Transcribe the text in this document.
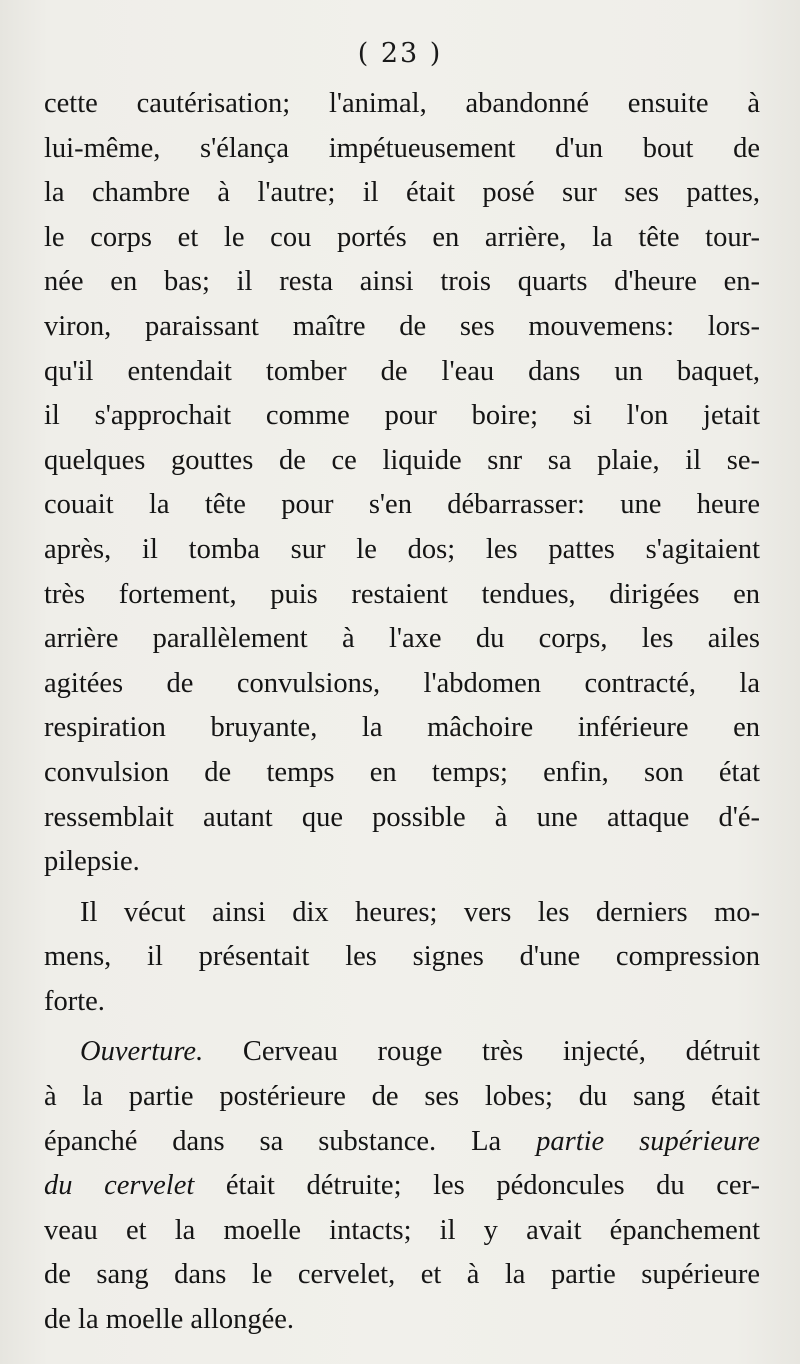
( 23 )
cette cautérisation; l'animal, abandonné ensuite à
lui-même, s'élança impétueusement d'un bout de
la chambre à l'autre; il était posé sur ses pattes,
le corps et le cou portés en arrière, la tête tour-
née en bas; il resta ainsi trois quarts d'heure en-
viron, paraissant maître de ses mouvemens: lors-
qu'il entendait tomber de l'eau dans un baquet,
il s'approchait comme pour boire; si l'on jetait
quelques gouttes de ce liquide snr sa plaie, il se-
couait la tête pour s'en débarrasser: une heure
après, il tomba sur le dos; les pattes s'agitaient
très fortement, puis restaient tendues, dirigées en
arrière parallèlement à l'axe du corps, les ailes
agitées de convulsions, l'abdomen contracté, la
respiration bruyante, la mâchoire inférieure en
convulsion de temps en temps; enfin, son état
ressemblait autant que possible à une attaque d'é-
pilepsie.
Il vécut ainsi dix heures; vers les derniers mo-
mens, il présentait les signes d'une compression
forte.
Ouverture. Cerveau rouge très injecté, détruit
à la partie postérieure de ses lobes; du sang était
épanché dans sa substance. La partie supérieure
du cervelet était détruite; les pédoncules du cer-
veau et la moelle intacts; il y avait épanchement
de sang dans le cervelet, et à la partie supérieure
de la moelle allongée.
